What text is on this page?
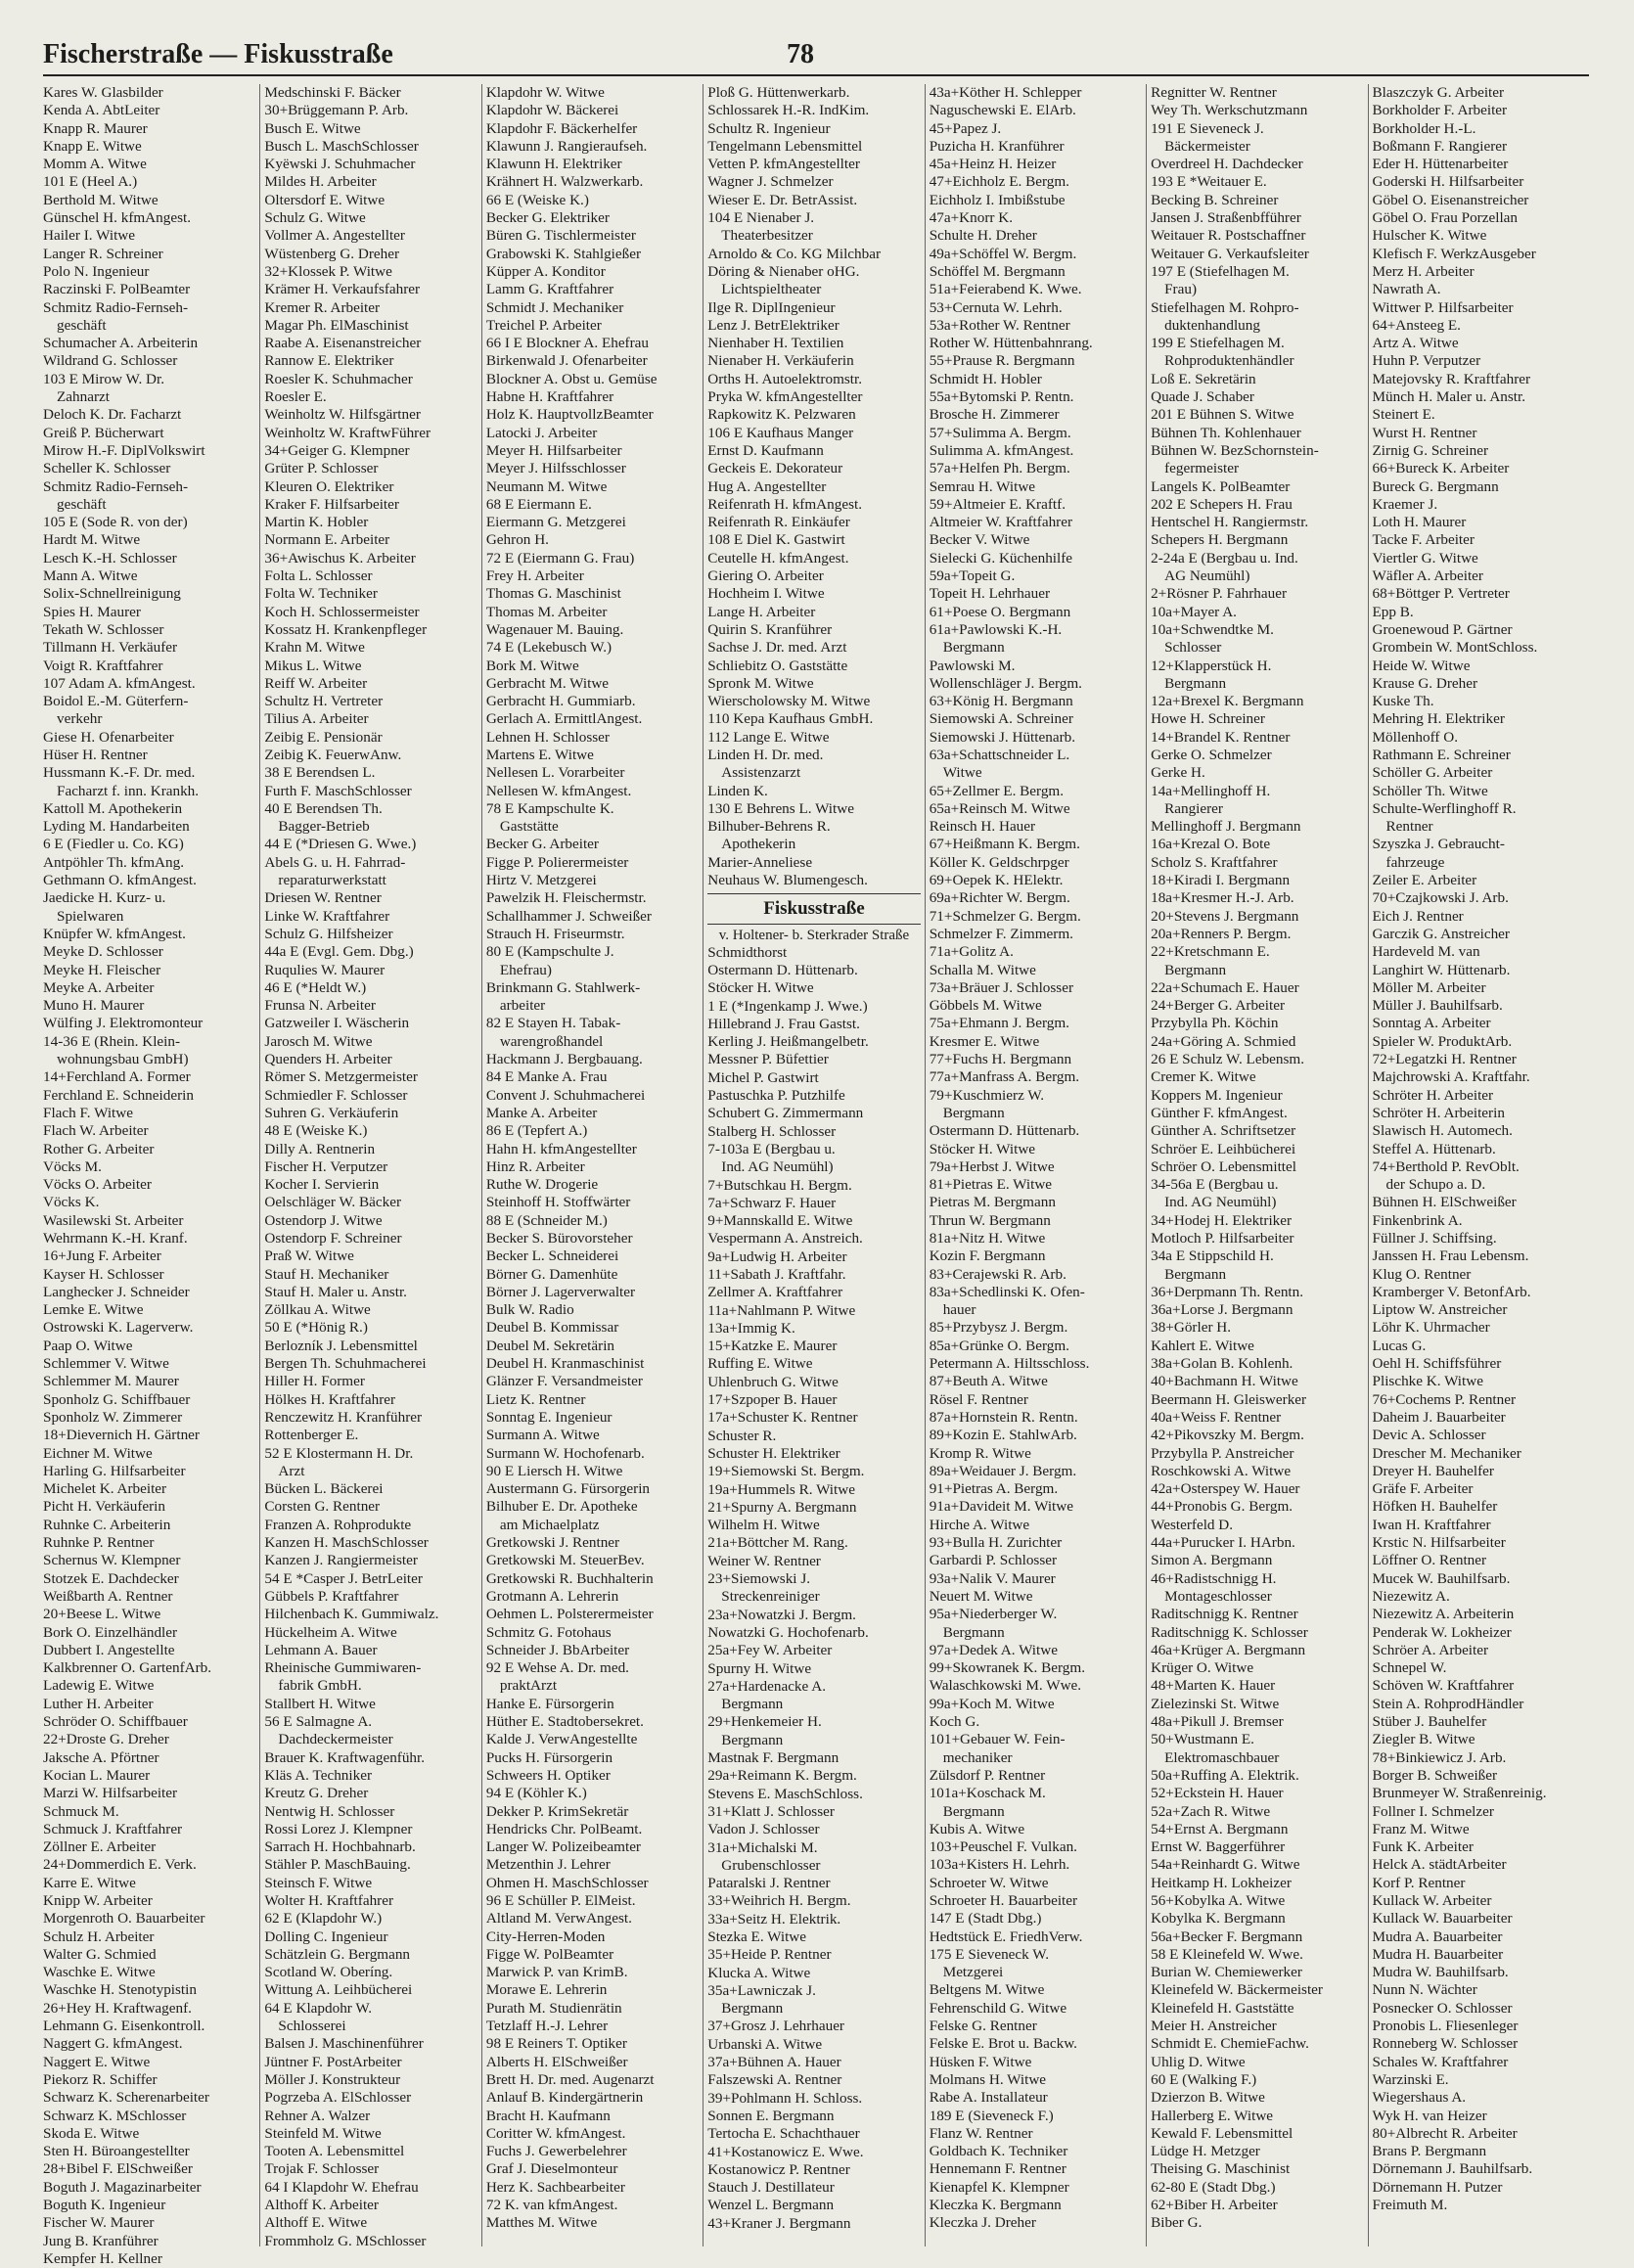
Fischerstraße — Fiskusstraße	78
Kares W. Glasbilder
Kenda A. AbtLeiter
Knapp R. Maurer
Knapp E. Witwe
Momm A. Witwe
101 E (Heel A.)
Berthold M. Witwe
Günschel H. kfmAngest.
Hailer I. Witwe
Langer R. Schreiner
Polo N. Ingenieur
Raczinski F. PolBeamter
Schmitz Radio-Fernseh-
geschäft
Schumacher A. Arbeiterin
Wildrand G. Schlosser
103 E Mirow W. Dr.
Zahnarzt
Deloch K. Dr. Facharzt
Greiß P. Bücherwart
Mirow H.-F. DiplVolkswirt
Scheller K. Schlosser
Schmitz Radio-Fernseh-
geschäft
105 E (Sode R. von der)
Hardt M. Witwe
Lesch K.-H. Schlosser
Mann A. Witwe
Solix-Schnellreinigung
Spies H. Maurer
Tekath W. Schlosser
Tillmann H. Verkäufer
Voigt R. Kraftfahrer
107 Adam A. kfmAngest.
Boidol E.-M. Güterfern-
verkehr
Giese H. Ofenarbeiter
Hüser H. Rentner
Hussmann K.-F. Dr. med.
Facharzt f. inn. Krankh.
Kattoll M. Apothekerin
Lyding M. Handarbeiten
6 E (Fiedler u. Co. KG)
Antpöhler Th. kfmAng.
Gethmann O. kfmAngest.
Jaedicke H. Kurz- u.
Spielwaren
Knüpfer W. kfmAngest.
Meyke D. Schlosser
Meyke H. Fleischer
Meyke A. Arbeiter
Muno H. Maurer
Wülfing J. Elektromonteur
14-36 E (Rhein. Klein-
wohnungsbau GmbH)
14+Ferchland A. Former
Ferchland E. Schneiderin
Flach F. Witwe
Flach W. Arbeiter
Rother G. Arbeiter
Vöcks M.
Vöcks O. Arbeiter
Vöcks K.
Wasilewski St. Arbeiter
Wehrmann K.-H. Kranf.
16+Jung F. Arbeiter
Kayser H. Schlosser
Langhecker J. Schneider
Lemke E. Witwe
Ostrowski K. Lagerverw.
Paap O. Witwe
Schlemmer V. Witwe
Schlemmer M. Maurer
Sponholz G. Schiffbauer
Sponholz W. Zimmerer
18+Dievernich H. Gärtner
Eichner M. Witwe
Harling G. Hilfsarbeiter
Michelet K. Arbeiter
Picht H. Verkäuferin
Ruhnke C. Arbeiterin
Ruhnke P. Rentner
Schernus W. Klempner
Stotzek E. Dachdecker
Weißbarth A. Rentner
20+Beese L. Witwe
Bork O. Einzelhändler
Dubbert I. Angestellte
Kalkbrenner O. GartenfArb.
Ladewig E. Witwe
Luther H. Arbeiter
Schröder O. Schiffbauer
22+Droste G. Dreher
Jaksche A. Pförtner
Kocian L. Maurer
Marzi W. Hilfsarbeiter
Schmuck M.
Schmuck J. Kraftfahrer
Zöllner E. Arbeiter
24+Dommerdich E. Verk.
Karre E. Witwe
Knipp W. Arbeiter
Morgenroth O. Bauarbeiter
Schulz H. Arbeiter
Walter G. Schmied
Waschke E. Witwe
Waschke H. Stenotypistin
26+Hey H. Kraftwagenf.
Lehmann G. Eisenkontroll.
Naggert G. kfmAngest.
Naggert E. Witwe
Piekorz R. Schiffer
Schwarz K. Scherenarbeiter
Schwarz K. MSchlosser
Skoda E. Witwe
Sten H. Büroangestellter
28+Bibel F. ElSchweißer
Boguth J. Magazinarbeiter
Boguth K. Ingenieur
Fischer W. Maurer
Jung B. Kranführer
Kempfer H. Kellner
Medschinski F. Bäcker
30+Brüggemann P. Arb.
Busch E. Witwe
Busch L. MaschSchlosser
Kyëwski J. Schuhmacher
Mildes H. Arbeiter
Oltersdorf E. Witwe
Schulz G. Witwe
Vollmer A. Angestellter
Wüstenberg G. Dreher
32+Klossek P. Witwe
Krämer H. Verkaufsfahrer
Kremer R. Arbeiter
Magar Ph. ElMaschinist
Raabe A. Eisenanstreicher
Rannow E. Elektriker
Roesler K. Schuhmacher
Roesler E.
Weinholtz W. Hilfsgärtner
Weinholtz W. KraftwFührer
34+Geiger G. Klempner
Grüter P. Schlosser
Kleuren O. Elektriker
Kraker F. Hilfsarbeiter
Martin K. Hobler
Normann E. Arbeiter
36+Awischus K. Arbeiter
Folta L. Schlosser
Folta W. Techniker
Koch H. Schlossermeister
Kossatz H. Krankenpfleger
Krahn M. Witwe
Mikus L. Witwe
Reiff W. Arbeiter
Schultz H. Vertreter
Tilius A. Arbeiter
Zeibig E. Pensionär
Zeibig K. FeuerwAnw.
38 E Berendsen L.
Furth F. MaschSchlosser
40 E Berendsen Th.
Bagger-Betrieb
44 E (*Driesen G. Wwe.)
Abels G. u. H. Fahrrad-
reparaturwerkstatt
Driesen W. Rentner
Linke W. Kraftfahrer
Schulz G. Hilfsheizer
44a E (Evgl. Gem. Dbg.)
Ruqulies W. Maurer
46 E (*Heldt W.)
Frunsa N. Arbeiter
Gatzweiler I. Wäscherin
Jarosch M. Witwe
Quenders H. Arbeiter
Römer S. Metzgermeister
Schmiedler F. Schlosser
Suhren G. Verkäuferin
48 E (Weiske K.)
Dilly A. Rentnerin
Fischer H. Verputzer
Kocher I. Servierin
Oelschläger W. Bäcker
Ostendorp J. Witwe
Ostendorp F. Schreiner
Praß W. Witwe
Stauf H. Mechaniker
Stauf H. Maler u. Anstr.
Zöllkau A. Witwe
50 E (*Hönig R.)
Berlozník J. Lebensmittel
Bergen Th. Schuhmacherei
Hiller H. Former
Hölkes H. Kraftfahrer
Renczewitz H. Kranführer
Rottenberger E.
52 E Klostermann H. Dr.
Arzt
Bücken L. Bäckerei
Corsten G. Rentner
Franzen A. Rohprodukte
Kanzen H. MaschSchlosser
Kanzen J. Rangiermeister
54 E *Casper J. BetrLeiter
Gübbels P. Kraftfahrer
Hilchenbach K. Gummiwalz.
Hückelheim A. Witwe
Lehmann A. Bauer
Rheinische Gummiwaren-
fabrik GmbH.
Stallbert H. Witwe
56 E Salmagne A.
Dachdeckermeister
Brauer K. Kraftwagenführ.
Kläs A. Techniker
Kreutz G. Dreher
Nentwig H. Schlosser
Rossi Lorez J. Klempner
Sarrach H. Hochbahnarb.
Stähler P. MaschBauing.
Steinsch F. Witwe
Wolter H. Kraftfahrer
62 E (Klapdohr W.)
Dolling C. Ingenieur
Schätzlein G. Bergmann
Scotland W. Oberíng.
Wittung A. Leihbücherei
64 E Klapdohr W.
Schlosserei
Balsen J. Maschinenführer
Jüntner F. PostArbeiter
Möller J. Konstrukteur
Pogrzeba A. ElSchlosser
Rehner A. Walzer
Steinfeld M. Witwe
Tooten A. Lebensmittel
Trojak F. Schlosser
64 I Klapdohr W. Ehefrau
Althoff K. Arbeiter
Althoff E. Witwe
Frommholz G. MSchlosser
Klapdohr W. Witwe
Klapdohr W. Bäckerei
Klapdohr F. Bäckerhelfer
Klawunn J. Rangieraufseh.
Klawunn H. Elektriker
Krähnert H. Walzwerkarb.
66 E (Weiske K.)
Becker G. Elektriker
Büren G. Tischlermeister
Grabowski K. Stahlgießer
Küpper A. Konditor
Lamm G. Kraftfahrer
Schmidt J. Mechaniker
Treichel P. Arbeiter
66 I E Blockner A. Ehefrau
Birkenwald J. Ofenarbeiter
Blockner A. Obst u. Gemüse
Habne H. Kraftfahrer
Holz K. HauptvollzBeamter
Latocki J. Arbeiter
Meyer H. Hilfsarbeiter
Meyer J. Hilfsschlosser
Neumann M. Witwe
68 E Eiermann E.
Eiermann G. Metzgerei
Gehron H.
72 E (Eiermann G. Frau)
Frey H. Arbeiter
Thomas G. Maschinist
Thomas M. Arbeiter
Wagenauer M. Bauing.
74 E (Lekebusch W.)
Bork M. Witwe
Gerbracht M. Witwe
Gerbracht H. Gummiarb.
Gerlach A. ErmittlAngest.
Lehnen H. Schlosser
Martens E. Witwe
Nellesen L. Vorarbeiter
Nellesen W. kfmAngest.
78 E Kampschulte K.
Gaststätte
Becker G. Arbeiter
Figge P. Polierermeister
Hirtz V. Metzgerei
Pawelzik H. Fleischermstr.
Schallhammer J. Schweißer
Strauch H. Friseurmstr.
80 E (Kampschulte J.
Ehefrau)
Brinkmann G. Stahlwerk-
arbeiter
82 E Stayen H. Tabak-
warengroßhandel
Hackmann J. Bergbauang.
84 E Manke A. Frau
Convent J. Schuhmacherei
Manke A. Arbeiter
86 E (Tepfert A.)
Hahn H. kfmAngestellter
Hinz R. Arbeiter
Ruthe W. Drogerie
Steinhoff H. Stoffwärter
88 E (Schneider M.)
Becker S. Bürovorsteher
Becker L. Schneiderei
Börner G. Damenhüte
Börner J. Lagerverwalter
Bulk W. Radio
Deubel B. Kommissar
Deubel M. Sekretärin
Deubel H. Kranmaschinist
Glänzer F. Versandmeister
Lietz K. Rentner
Sonntag E. Ingenieur
Surmann A. Witwe
Surmann W. Hochofenarb.
90 E Liersch H. Witwe
Austermann G. Fürsorgerin
Bilhuber E. Dr. Apotheke
am Michaelplatz
Gretkowski J. Rentner
Gretkowski M. SteuerBev.
Gretkowski R. Buchhalterin
Grotmann A. Lehrerin
Oehmen L. Polsterermeister
Schmitz G. Fotohaus
Schneider J. BbArbeiter
92 E Wehse A. Dr. med.
praktArzt
Hanke E. Fürsorgerin
Hüther E. Stadtobersekret.
Kalde J. VerwAngestellte
Pucks H. Fürsorgerin
Schweers H. Optiker
94 E (Köhler K.)
Dekker P. KrimSekretär
Hendricks Chr. PolBeamt.
Langer W. Polizeibeamter
Metzenthin J. Lehrer
Ohmen H. MaschSchlosser
96 E Schüller P. ElMeist.
Altland M. VerwAngest.
City-Herren-Moden
Figge W. PolBeamter
Marwick P. van KrimB.
Morawe E. Lehrerin
Purath M. Studienrätin
Tetzlaff H.-J. Lehrer
98 E Reiners T. Optiker
Alberts H. ElSchweißer
Brett H. Dr. med. Augenarzt
Anlauf B. Kindergärtnerin
Bracht H. Kaufmann
Coritter W. kfmAngest.
Fuchs J. Gewerbelehrer
Graf J. Dieselmonteur
Herz K. Sachbearbeiter
72 K. van kfmAngest.
Matthes M. Witwe
Ploß G. Hüttenwerkarb.
Schlossarek H.-R. IndKim.
Schultz R. Ingenieur
Tengelmann Lebensmittel
Vetten P. kfmAngestellter
Wagner J. Schmelzer
Wieser E. Dr. BetrAssist.
104 E Nienaber J.
Theaterbesitzer
Arnoldo & Co. KG Milchbar
Döring & Nienaber oHG.
Lichtspieltheater
Ilge R. DiplIngenieur
Lenz J. BetrElektriker
Nienhaber H. Textilien
Nienaber H. Verkäuferin
Orths H. Autoelektromstr.
Pryka W. kfmAngestellter
Rapkowitz K. Pelzwaren
106 E Kaufhaus Manger
Ernst D. Kaufmann
Geckeis E. Dekorateur
Hug A. Angestellter
Reifenrath H. kfmAngest.
Reifenrath R. Einkäufer
108 E Diel K. Gastwirt
Ceutelle H. kfmAngest.
Giering O. Arbeiter
Hochheim I. Witwe
Lange H. Arbeiter
Quirin S. Kranführer
Sachse J. Dr. med. Arzt
Schliebitz O. Gaststätte
Spronk M. Witwe
Wierscholowsky M. Witwe
110 Kepa Kaufhaus GmbH.
112 Lange E. Witwe
Linden H. Dr. med.
Assistenzarzt
Linden K.
130 E Behrens L. Witwe
Bilhuber-Behrens R.
Apothekerin
Marier-Anneliese
Neuhaus W. Blumengesch.
Fiskusstraße
v. Holtener- b. Sterkrader Straße
Schmidthorst
Ostermann D. Hüttenarb.
Stöcker H. Witwe
1 E (*Ingenkamp J. Wwe.)
Hillebrand J. Frau Gastst.
Kerling J. Heißmangelbetr.
Messner P. Büfettier
Michel P. Gastwirt
Pastuschka P. Putzhilfe
Schubert G. Zimmermann
Stalberg H. Schlosser
7-103a E (Bergbau u.
Ind. AG Neumühl)
7+Butschkau H. Bergm.
7a+Schwarz F. Hauer
9+Mannskalld E. Witwe
Vespermann A. Anstreich.
9a+Ludwig H. Arbeiter
11+Sabath J. Kraftfahr.
Zellmer A. Kraftfahrer
11a+Nahlmann P. Witwe
13a+Immig K.
15+Katzke E. Maurer
Ruffing E. Witwe
Uhlenbruch G. Witwe
17+Szpoper B. Hauer
17a+Schuster K. Rentner
Schuster R.
Schuster H. Elektriker
19+Siemowski St. Bergm.
19a+Hummels R. Witwe
21+Spurny A. Bergmann
Wilhelm H. Witwe
21a+Böttcher M. Rang.
Weiner W. Rentner
23+Siemowski J.
Streckenreiniger
23a+Nowatzki J. Bergm.
Nowatzki G. Hochofenarb.
25a+Fey W. Arbeiter
Spurny H. Witwe
27a+Hardenacke A.
Bergmann
29+Henkemeier H.
Bergmann
Mastnak F. Bergmann
29a+Reimann K. Bergm.
Stevens E. MaschSchloss.
31+Klatt J. Schlosser
Vadon J. Schlosser
31a+Michalski M.
Grubenschlosser
Pataralski J. Rentner
33+Weihrich H. Bergm.
33a+Seitz H. Elektrik.
Stezka E. Witwe
35+Heide P. Rentner
Klucka A. Witwe
35a+Lawniczak J.
Bergmann
37+Grosz J. Lehrhauer
Urbanski A. Witwe
37a+Bühnen A. Hauer
Falszewski A. Rentner
39+Pohlmann H. Schloss.
Sonnen E. Bergmann
Tertocha E. Schachthauer
41+Kostanowicz E. Wwe.
Kostanowicz P. Rentner
Stauch J. Destillateur
Wenzel L. Bergmann
43+Kraner J. Bergmann
43a+Köther H. Schlepper
Naguschewski E. ElArb.
45+Papez J.
Puzicha H. Kranführer
45a+Heinz H. Heizer
47+Eichholz E. Bergm.
Eichholz I. Imbißstube
47a+Knorr K.
Schulte H. Dreher
49a+Schöffel W. Bergm.
Schöffel M. Bergmann
51a+Feierabend K. Wwe.
53+Cernuta W. Lehrh.
53a+Rother W. Rentner
Rother W. Hüttenbahnrang.
55+Prause R. Bergmann
Schmidt H. Hobler
55a+Bytomski P. Rentn.
Brosche H. Zimmerer
57+Sulimma A. Bergm.
Sulimma A. kfmAngest.
57a+Helfen Ph. Bergm.
Semrau H. Witwe
59+Altmeier E. Kraftf.
Altmeier W. Kraftfahrer
Becker V. Witwe
Sielecki G. Küchenhilfe
59a+Topeit G.
Topeit H. Lehrhauer
61+Poese O. Bergmann
61a+Pawlowski K.-H.
Bergmann
Pawlowski M.
Wollenschläger J. Bergm.
63+König H. Bergmann
Siemowski A. Schreiner
Siemowski J. Hüttenarb.
63a+Schattschneider L.
Witwe
65+Zellmer E. Bergm.
65a+Reinsch M. Witwe
Reinsch H. Hauer
67+Heißmann K. Bergm.
Köller K. Geldschrpger
69+Oepek K. HElektr.
69a+Richter W. Bergm.
71+Schmelzer G. Bergm.
Schmelzer F. Zimmerm.
71a+Golitz A.
Schalla M. Witwe
73a+Bräuer J. Schlosser
Göbbels M. Witwe
75a+Ehmann J. Bergm.
Kresmer E. Witwe
77+Fuchs H. Bergmann
77a+Manfrass A. Bergm.
79+Kuschmierz W.
Bergmann
Ostermann D. Hüttenarb.
Stöcker H. Witwe
79a+Herbst J. Witwe
81+Pietras E. Witwe
Pietras M. Bergmann
Thrun W. Bergmann
81a+Nitz H. Witwe
Kozin F. Bergmann
83+Cerajewski R. Arb.
83a+Schedlinski K. Ofen-
hauer
85+Przybysz J. Bergm.
85a+Grünke O. Bergm.
Petermann A. Hiltsschloss.
87+Beuth A. Witwe
Rösel F. Rentner
87a+Hornstein R. Rentn.
89+Kozin E. StahlwArb.
Kromp R. Witwe
89a+Weidauer J. Bergm.
91+Pietras A. Bergm.
91a+Davideit M. Witwe
Hirche A. Witwe
93+Bulla H. Zurichter
Garbardi P. Schlosser
93a+Nalik V. Maurer
Neuert M. Witwe
95a+Niederberger W.
Bergmann
97a+Dedek A. Witwe
99+Skowranek K. Bergm.
Walaschkowski M. Wwe.
99a+Koch M. Witwe
Koch G.
101+Gebauer W. Fein-
mechaniker
Zülsdorf P. Rentner
101a+Koschack M.
Bergmann
Kubis A. Witwe
103+Peuschel F. Vulkan.
103a+Kisters H. Lehrh.
Schroeter W. Witwe
Schroeter H. Bauarbeiter
147 E (Stadt Dbg.)
Hedtstück E. FriedhVerw.
175 E Sieveneck W.
Metzgerei
Beltgens M. Witwe
Fehrenschild G. Witwe
Felske G. Rentner
Felske E. Brot u. Backw.
Hüsken F. Witwe
Molmans H. Witwe
Rabe A. Installateur
189 E (Sieveneck F.)
Flanz W. Rentner
Goldbach K. Techniker
Hennemann F. Rentner
Kienapfel K. Klempner
Kleczka K. Bergmann
Kleczka J. Dreher
Regnitter W. Rentner
Wey Th. Werkschutzmann
191 E Sieveneck J.
Bäckermeister
Overdreel H. Dachdecker
193 E *Weitauer E.
Becking B. Schreiner
Jansen J. Straßenbfführer
Weitauer R. Postschaffner
Weitauer G. Verkaufsleiter
197 E (Stiefelhagen M.
Frau)
Stiefelhagen M. Rohpro-
duktenhandlung
199 E Stiefelhagen M.
Rohproduktenhändler
Loß E. Sekretärin
Quade J. Schaber
201 E Bühnen S. Witwe
Bühnen Th. Kohlenhauer
Bühnen W. BezSchornstein-
fegermeister
Langels K. PolBeamter
202 E Schepers H. Frau
Hentschel H. Rangiermstr.
Schepers H. Bergmann
2-24a E (Bergbau u. Ind.
AG Neumühl)
2+Rösner P. Fahrhauer
10a+Mayer A.
10a+Schwendtke M.
Schlosser
12+Klapperstück H.
Bergmann
12a+Brexel K. Bergmann
Howe H. Schreiner
14+Brandel K. Rentner
Gerke O. Schmelzer
Gerke H.
14a+Mellinghoff H.
Rangierer
Mellinghoff J. Bergmann
16a+Krezal O. Bote
Scholz S. Kraftfahrer
18+Kiradi I. Bergmann
18a+Kresmer H.-J. Arb.
20+Stevens J. Bergmann
20a+Renners P. Bergm.
22+Kretschmann E.
Bergmann
22a+Schumach E. Hauer
24+Berger G. Arbeiter
Przybylla Ph. Köchin
24a+Göring A. Schmied
26 E Schulz W. Lebensm.
Cremer K. Witwe
Koppers M. Ingenieur
Günther F. kfmAngest.
Günther A. Schriftsetzer
Schröer E. Leihbücherei
Schröer O. Lebensmittel
34-56a E (Bergbau u.
Ind. AG Neumühl)
34+Hodej H. Elektriker
Motloch P. Hilfsarbeiter
34a E Stippschild H.
Bergmann
36+Derpmann Th. Rentn.
36a+Lorse J. Bergmann
38+Görler H.
Kahlert E. Witwe
38a+Golan B. Kohlenh.
40+Bachmann H. Witwe
Beermann H. Gleiswerker
40a+Weiss F. Rentner
42+Pikovszky M. Bergm.
Przybylla P. Anstreicher
Roschkowski A. Witwe
42a+Osterspey W. Hauer
44+Pronobis G. Bergm.
Westerfeld D.
44a+Purucker I. HArbn.
Simon A. Bergmann
46+Radistschnigg H.
Montageschlosser
Raditschnigg K. Rentner
Raditschnigg K. Schlosser
46a+Krüger A. Bergmann
Krüger O. Witwe
48+Marten K. Hauer
Zielezinski St. Witwe
48a+Pikull J. Bremser
50+Wustmann E.
Elektromaschbauer
50a+Ruffing A. Elektrik.
52+Eckstein H. Hauer
52a+Zach R. Witwe
54+Ernst A. Bergmann
Ernst W. Baggerführer
54a+Reinhardt G. Witwe
Heitkamp H. Lokheizer
56+Kobylka A. Witwe
Kobylka K. Bergmann
56a+Becker F. Bergmann
58 E Kleinefeld W. Wwe.
Burian W. Chemiewerker
Kleinefeld W. Bäckermeister
Kleinefeld H. Gaststätte
Meier H. Anstreicher
Schmidt E. ChemieFachw.
Uhlig D. Witwe
60 E (Walking F.)
Dzierzon B. Witwe
Hallerberg E. Witwe
Kewald F. Lebensmittel
Lüdge H. Metzger
Theising G. Maschinist
62-80 E (Stadt Dbg.)
62+Biber H. Arbeiter
Biber G.
Blaszczyk G. Arbeiter
Borkholder F. Arbeiter
Borkholder H.-L.
Boßmann F. Rangierer
Eder H. Hüttenarbeiter
Goderski H. Hilfsarbeiter
Göbel O. Eisenanstreicher
Göbel O. Frau Porzellan
Hulscher K. Witwe
Klefisch F. WerkzAusgeber
Merz H. Arbeiter
Nawrath A.
Wittwer P. Hilfsarbeiter
64+Ansteeg E.
Artz A. Witwe
Huhn P. Verputzer
Matejovsky R. Kraftfahrer
Münch H. Maler u. Anstr.
Steinert E.
Wurst H. Rentner
Zirnig G. Schreiner
66+Bureck K. Arbeiter
Bureck G. Bergmann
Kraemer J.
Loth H. Maurer
Tacke F. Arbeiter
Viertler G. Witwe
Wäfler A. Arbeiter
68+Böttger P. Vertreter
Epp B.
Groenewoud P. Gärtner
Grombein W. MontSchloss.
Heide W. Witwe
Krause G. Dreher
Kuske Th.
Mehring H. Elektriker
Möllenhoff O.
Rathmann E. Schreiner
Schöller G. Arbeiter
Schöller Th. Witwe
Schulte-Werflinghoff R.
Rentner
Szyszka J. Gebraucht-
fahrzeuge
Zeiler E. Arbeiter
70+Czajkowski J. Arb.
Eich J. Rentner
Garczik G. Anstreicher
Hardeveld M. van
Langhirt W. Hüttenarb.
Möller M. Arbeiter
Müller J. Bauhilfsarb.
Sonntag A. Arbeiter
Spieler W. ProduktArb.
72+Legatzki H. Rentner
Majchrowski A. Kraftfahr.
Schröter H. Arbeiter
Schröter H. Arbeiterin
Slawisch H. Automech.
Steffel A. Hüttenarb.
74+Berthold P. RevOblt.
der Schupo a. D.
Bühnen H. ElSchweißer
Finkenbrink A.
Füllner J. Schiffsing.
Janssen H. Frau Lebensm.
Klug O. Rentner
Kramberger V. BetonfArb.
Liptow W. Anstreicher
Löhr K. Uhrmacher
Lucas G.
Oehl H. Schiffsführer
Plischke K. Witwe
76+Cochems P. Rentner
Daheim J. Bauarbeiter
Devic A. Schlosser
Drescher M. Mechaniker
Dreyer H. Bauhelfer
Gräfe F. Arbeiter
Höfken H. Bauhelfer
Iwan H. Kraftfahrer
Krstic N. Hilfsarbeiter
Löffner O. Rentner
Mucek W. Bauhilfsarb.
Niezewitz A.
Niezewitz A. Arbeiterin
Penderak W. Lokheizer
Schröer A. Arbeiter
Schnepel W.
Schöven W. Kraftfahrer
Stein A. RohprodHändler
Stüber J. Bauhelfer
Ziegler B. Witwe
78+Binkiewicz J. Arb.
Borger B. Schweißer
Brunmeyer W. Straßenreinig.
Follner I. Schmelzer
Franz M. Witwe
Funk K. Arbeiter
Helck A. städtArbeiter
Korf P. Rentner
Kullack W. Arbeiter
Kullack W. Bauarbeiter
Mudra A. Bauarbeiter
Mudra H. Bauarbeiter
Mudra W. Bauhilfsarb.
Nunn N. Wächter
Posnecker O. Schlosser
Pronobis L. Fliesenleger
Ronneberg W. Schlosser
Schales W. Kraftfahrer
Warzinski E.
Wiegershaus A.
Wyk H. van Heizer
80+Albrecht R. Arbeiter
Brans P. Bergmann
Dörnemann J. Bauhilfsarb.
Dörnemann H. Putzer
Freimuth M.
